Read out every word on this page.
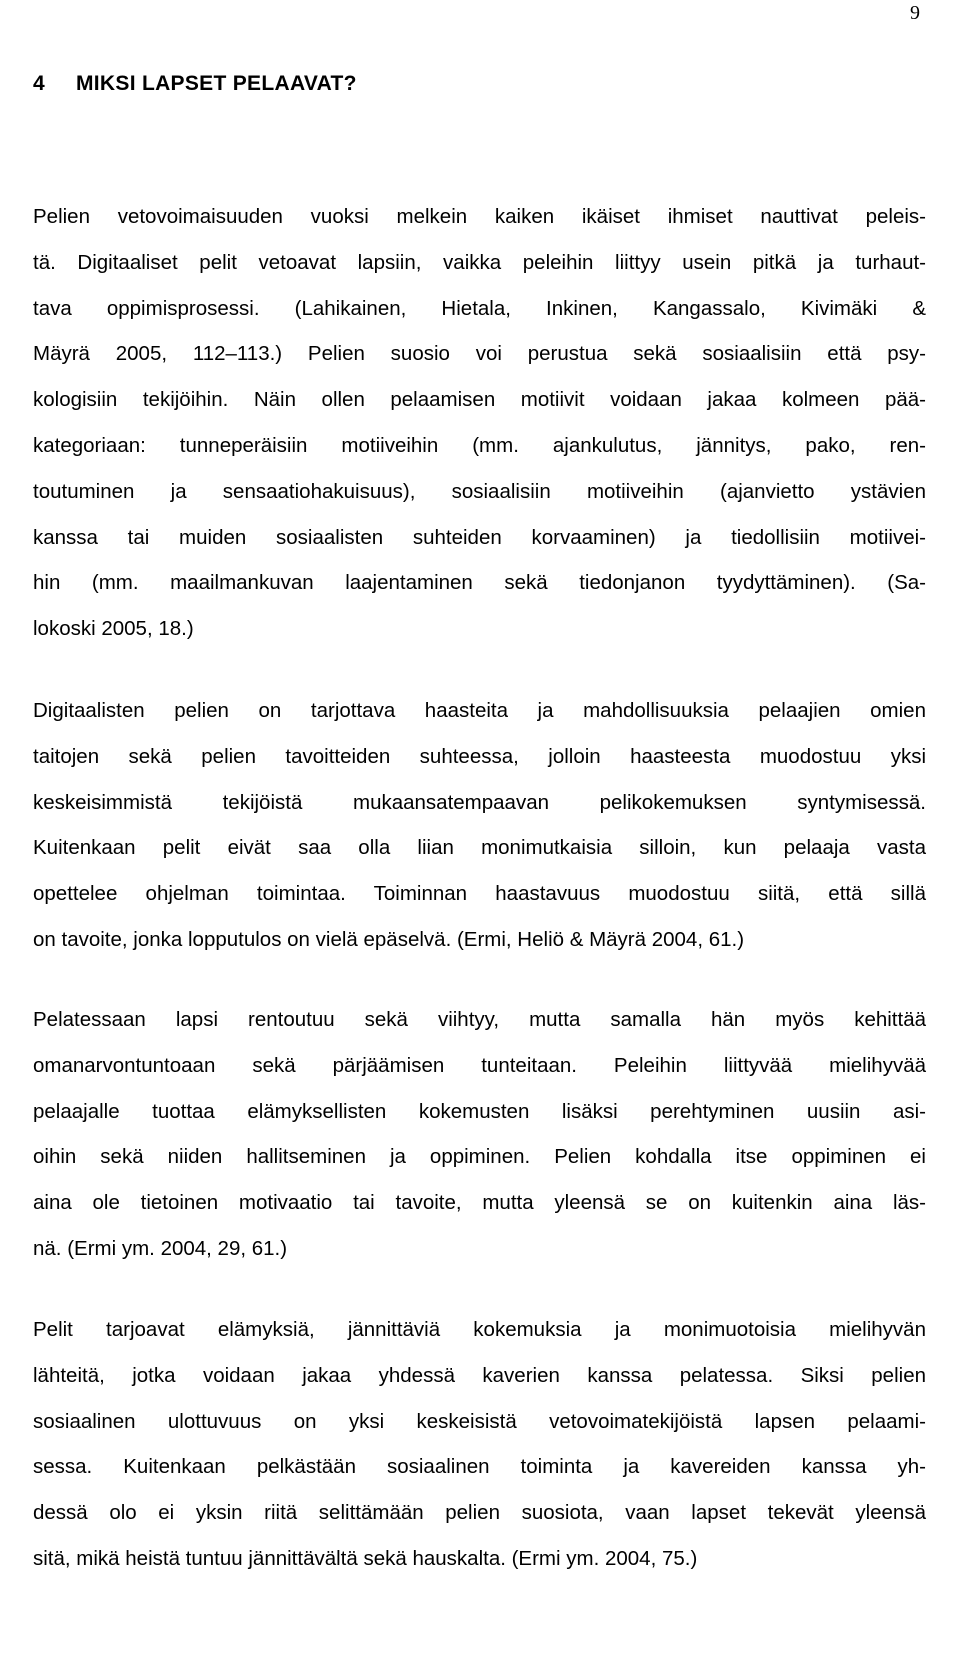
9
4 MIKSI LAPSET PELAAVAT?
Pelien vetovoimaisuuden vuoksi melkein kaiken ikäiset ihmiset nauttivat peleis-
tä. Digitaaliset pelit vetoavat lapsiin, vaikka peleihin liittyy usein pitkä ja turhaut-
tava oppimisprosessi. (Lahikainen, Hietala, Inkinen, Kangassalo, Kivimäki &
Mäyrä 2005, 112–113.) Pelien suosio voi perustua sekä sosiaalisiin että psy-
kologisiin tekijöihin. Näin ollen pelaamisen motiivit voidaan jakaa kolmeen pää-
kategoriaan: tunneperäisiin motiiveihin (mm. ajankulutus, jännitys, pako, ren-
toutuminen ja sensaatiohakuisuus), sosiaalisiin motiiveihin (ajanvietto ystävien
kanssa tai muiden sosiaalisten suhteiden korvaaminen) ja tiedollisiin motiivei-
hin (mm. maailmankuvan laajentaminen sekä tiedonjanon tyydyttäminen). (Sa-
lokoski 2005, 18.)
Digitaalisten pelien on tarjottava haasteita ja mahdollisuuksia pelaajien omien
taitojen sekä pelien tavoitteiden suhteessa, jolloin haasteesta muodostuu yksi
keskeisimmistä tekijöistä mukaansatempaavan pelikokemuksen syntymisessä.
Kuitenkaan pelit eivät saa olla liian monimutkaisia silloin, kun pelaaja vasta
opettelee ohjelman toimintaa. Toiminnan haastavuus muodostuu siitä, että sillä
on tavoite, jonka lopputulos on vielä epäselvä. (Ermi, Heliö & Mäyrä 2004, 61.)
Pelatessaan lapsi rentoutuu sekä viihtyy, mutta samalla hän myös kehittää
omanarvontuntoaan sekä pärjäämisen tunteitaan. Peleihin liittyvää mielihyvää
pelaajalle tuottaa elämyksellisten kokemusten lisäksi perehtyminen uusiin asi-
oihin sekä niiden hallitseminen ja oppiminen. Pelien kohdalla itse oppiminen ei
aina ole tietoinen motivaatio tai tavoite, mutta yleensä se on kuitenkin aina läs-
nä. (Ermi ym. 2004, 29, 61.)
Pelit tarjoavat elämyksiä, jännittäviä kokemuksia ja monimuotoisia mielihyvän
lähteitä, jotka voidaan jakaa yhdessä kaverien kanssa pelatessa. Siksi pelien
sosiaalinen ulottuvuus on yksi keskeisistä vetovoimatekijöistä lapsen pelaami-
sessa. Kuitenkaan pelkästään sosiaalinen toiminta ja kavereiden kanssa yh-
dessä olo ei yksin riitä selittämään pelien suosiota, vaan lapset tekevät yleensä
sitä, mikä heistä tuntuu jännittävältä sekä hauskalta. (Ermi ym. 2004, 75.)
